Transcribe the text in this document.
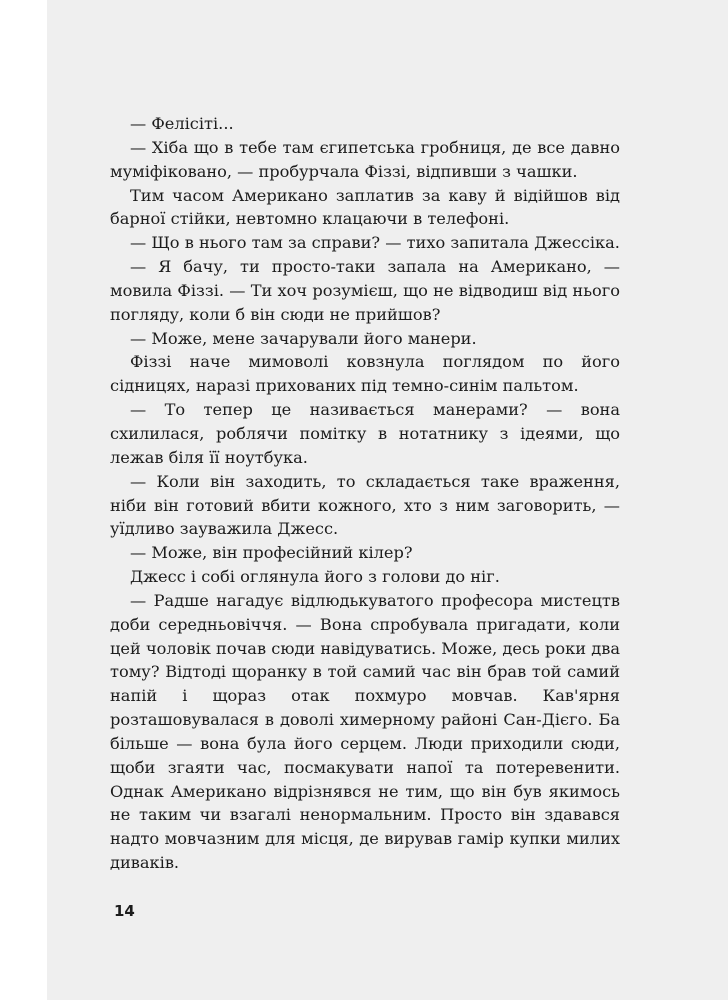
— Фелісіті...

— Хіба що в тебе там єгипетська гробниця, де все давно муміфіковано, — пробурчала Фіззі, відпивши з чашки.

Тим часом Американо заплатив за каву й відійшов від барної стійки, невтомно клацаючи в телефоні.

— Що в нього там за справи? — тихо запитала Джессіка.

— Я бачу, ти просто-таки запала на Американо, — мовила Фіззі. — Ти хоч розумієш, що не відводиш від нього погляду, коли б він сюди не прийшов?

— Може, мене зачарували його манери.

Фіззі наче мимоволі ковзнула поглядом по його сідницях, наразі прихованих під темно-синім пальтом.

— То тепер це називається манерами? — вона схилилася, роблячи помітку в нотатнику з ідеями, що лежав біля її ноутбука.

— Коли він заходить, то складається таке враження, ніби він готовий вбити кожного, хто з ним заговорить, — уїдливо зауважила Джесс.

— Може, він професійний кілер?

Джесс і собі оглянула його з голови до ніг.

— Радше нагадує відлюдькуватого професора мистецтв доби середньовіччя. — Вона спробувала пригадати, коли цей чоловік почав сюди навідуватись. Може, десь роки два тому? Відтоді щоранку в той самий час він брав той самий напій і щораз отак похмуро мовчав. Кав'ярня розташовувалася в доволі химерному районі Сан-Дієго. Ба більше — вона була його серцем. Люди приходили сюди, щоби згаяти час, посмакувати напої та потеревенити. Однак Американо відрізнявся не тим, що він був якимось не таким чи взагалі ненормальним. Просто він здавався надто мовчазним для місця, де вирував гамір купки милих диваків.

14
